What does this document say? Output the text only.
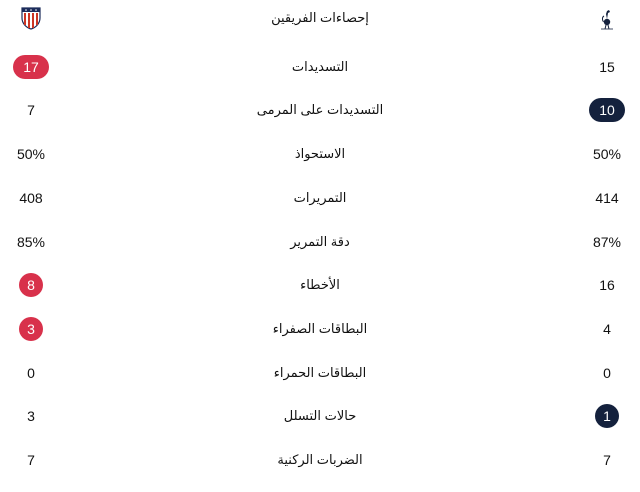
إحصاءات الفريقين
17	التسديدات	15
7	التسديدات على المرمى	10
50%	الاستحواذ	50%
408	التمريرات	414
85%	دقة التمرير	87%
8	الأخطاء	16
3	البطاقات الصفراء	4
0	البطاقات الحمراء	0
3	حالات التسلل	1
7	الضربات الركنية	7
